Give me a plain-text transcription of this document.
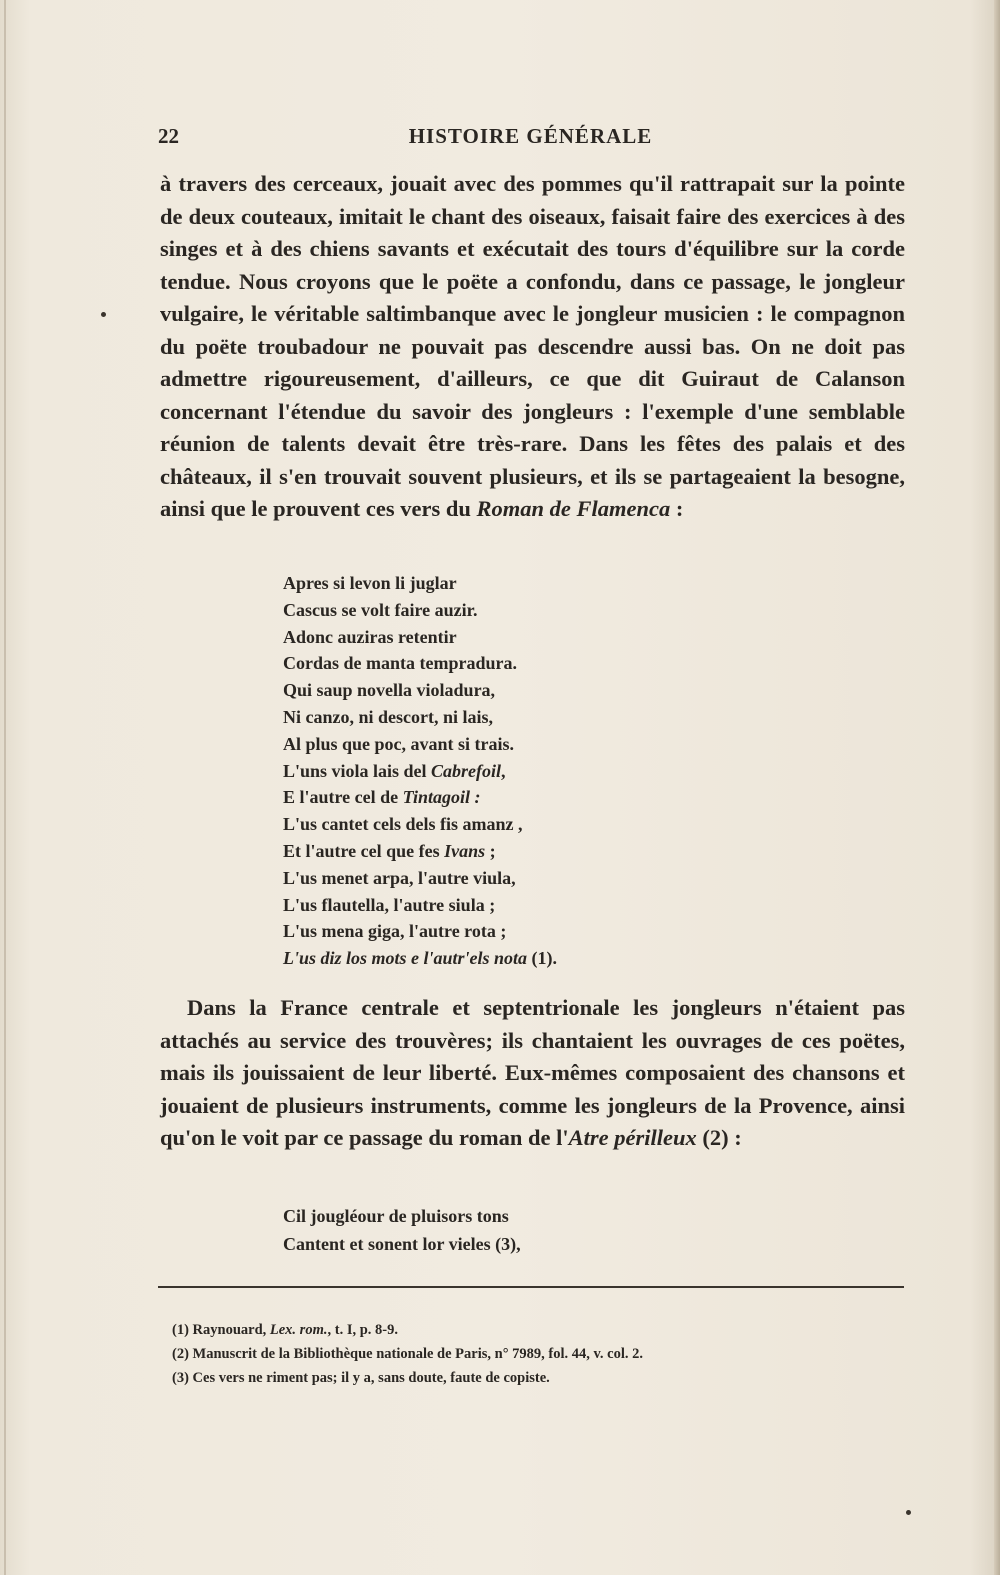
22	HISTOIRE GÉNÉRALE

à travers des cerceaux, jouait avec des pommes qu'il rattrapait sur la pointe de deux couteaux, imitait le chant des oiseaux, faisait faire des exercices à des singes et à des chiens savants et exécutait des tours d'équilibre sur la corde tendue. Nous croyons que le poëte a confondu, dans ce passage, le jongleur vulgaire, le véritable saltimbanque avec le jongleur musicien : le compagnon du poëte troubadour ne pouvait pas descendre aussi bas. On ne doit pas admettre rigoureusement, d'ailleurs, ce que dit Guiraut de Calanson concernant l'étendue du savoir des jongleurs : l'exemple d'une semblable réunion de talents devait être très-rare. Dans les fêtes des palais et des châteaux, il s'en trouvait souvent plusieurs, et ils se partageaient la besogne, ainsi que le prouvent ces vers du Roman de Flamenca :

Apres si levon li juglar
Cascus se volt faire auzir.
Adonc auziras retentir
Cordas de manta tempradura.
Qui saup novella violadura,
Ni canzo, ni descort, ni lais,
Al plus que poc, avant si trais.
L'uns viola lais del Cabrefoil,
E l'autre cel de Tintagoil :
L'us cantet cels dels fis amanz ,
Et l'autre cel que fes Ivans ;
L'us menet arpa, l'autre viula,
L'us flautella, l'autre siula ;
L'us mena giga, l'autre rota ;
L'us diz los mots e l'autr'els nota (1).

Dans la France centrale et septentrionale les jongleurs n'étaient pas attachés au service des trouvères; ils chantaient les ouvrages de ces poëtes, mais ils jouissaient de leur liberté. Eux-mêmes composaient des chansons et jouaient de plusieurs instruments, comme les jongleurs de la Provence, ainsi qu'on le voit par ce passage du roman de l'Atre périlleux (2) :

Cil jougléour de pluisors tons
Cantent et sonent lor vieles (3),
(1) Raynouard, Lex. rom., t. I, p. 8-9.
(2) Manuscrit de la Bibliothèque nationale de Paris, n° 7989, fol. 44, v. col. 2.
(3) Ces vers ne riment pas; il y a, sans doute, faute de copiste.
